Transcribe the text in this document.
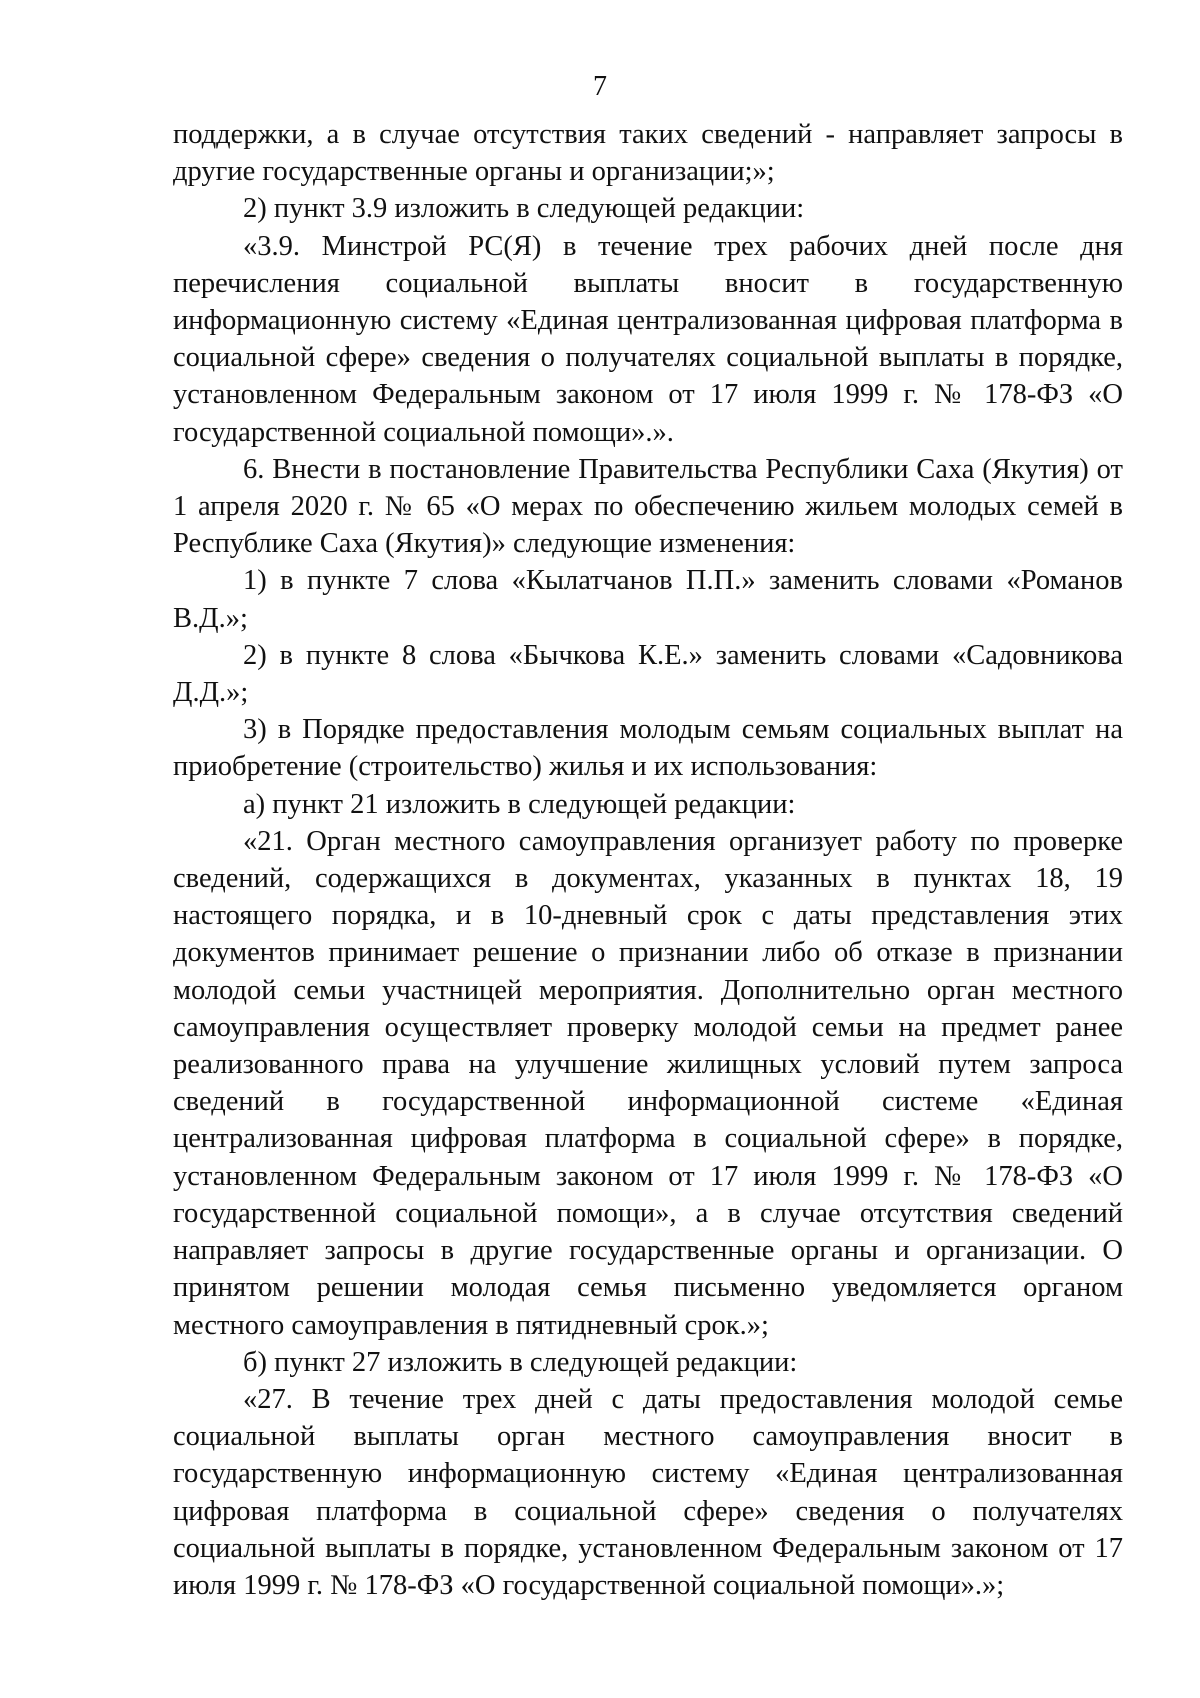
7

поддержки, а в случае отсутствия таких сведений - направляет запросы в другие государственные органы и организации;»;

2) пункт 3.9 изложить в следующей редакции:

«3.9. Минстрой РС(Я) в течение трех рабочих дней после дня перечисления социальной выплаты вносит в государственную информационную систему «Единая централизованная цифровая платформа в социальной сфере» сведения о получателях социальной выплаты в порядке, установленном Федеральным законом от 17 июля 1999 г. № 178-ФЗ «О государственной социальной помощи».».

6. Внести в постановление Правительства Республики Саха (Якутия) от 1 апреля 2020 г. № 65 «О мерах по обеспечению жильем молодых семей в Республике Саха (Якутия)» следующие изменения:

1) в пункте 7 слова «Кылатчанов П.П.» заменить словами «Романов В.Д.»;

2) в пункте 8 слова «Бычкова К.Е.» заменить словами «Садовникова Д.Д.»;

3) в Порядке предоставления молодым семьям социальных выплат на приобретение (строительство) жилья и их использования:

а) пункт 21 изложить в следующей редакции:

«21. Орган местного самоуправления организует работу по проверке сведений, содержащихся в документах, указанных в пунктах 18, 19 настоящего порядка, и в 10-дневный срок с даты представления этих документов принимает решение о признании либо об отказе в признании молодой семьи участницей мероприятия. Дополнительно орган местного самоуправления осуществляет проверку молодой семьи на предмет ранее реализованного права на улучшение жилищных условий путем запроса сведений в государственной информационной системе «Единая централизованная цифровая платформа в социальной сфере» в порядке, установленном Федеральным законом от 17 июля 1999 г. № 178-ФЗ «О государственной социальной помощи», а в случае отсутствия сведений направляет запросы в другие государственные органы и организации. О принятом решении молодая семья письменно уведомляется органом местного самоуправления в пятидневный срок.»;

б) пункт 27 изложить в следующей редакции:

«27. В течение трех дней с даты предоставления молодой семье социальной выплаты орган местного самоуправления вносит в государственную информационную систему «Единая централизованная цифровая платформа в социальной сфере» сведения о получателях социальной выплаты в порядке, установленном Федеральным законом от 17 июля 1999 г. № 178-ФЗ «О государственной социальной помощи».»;
